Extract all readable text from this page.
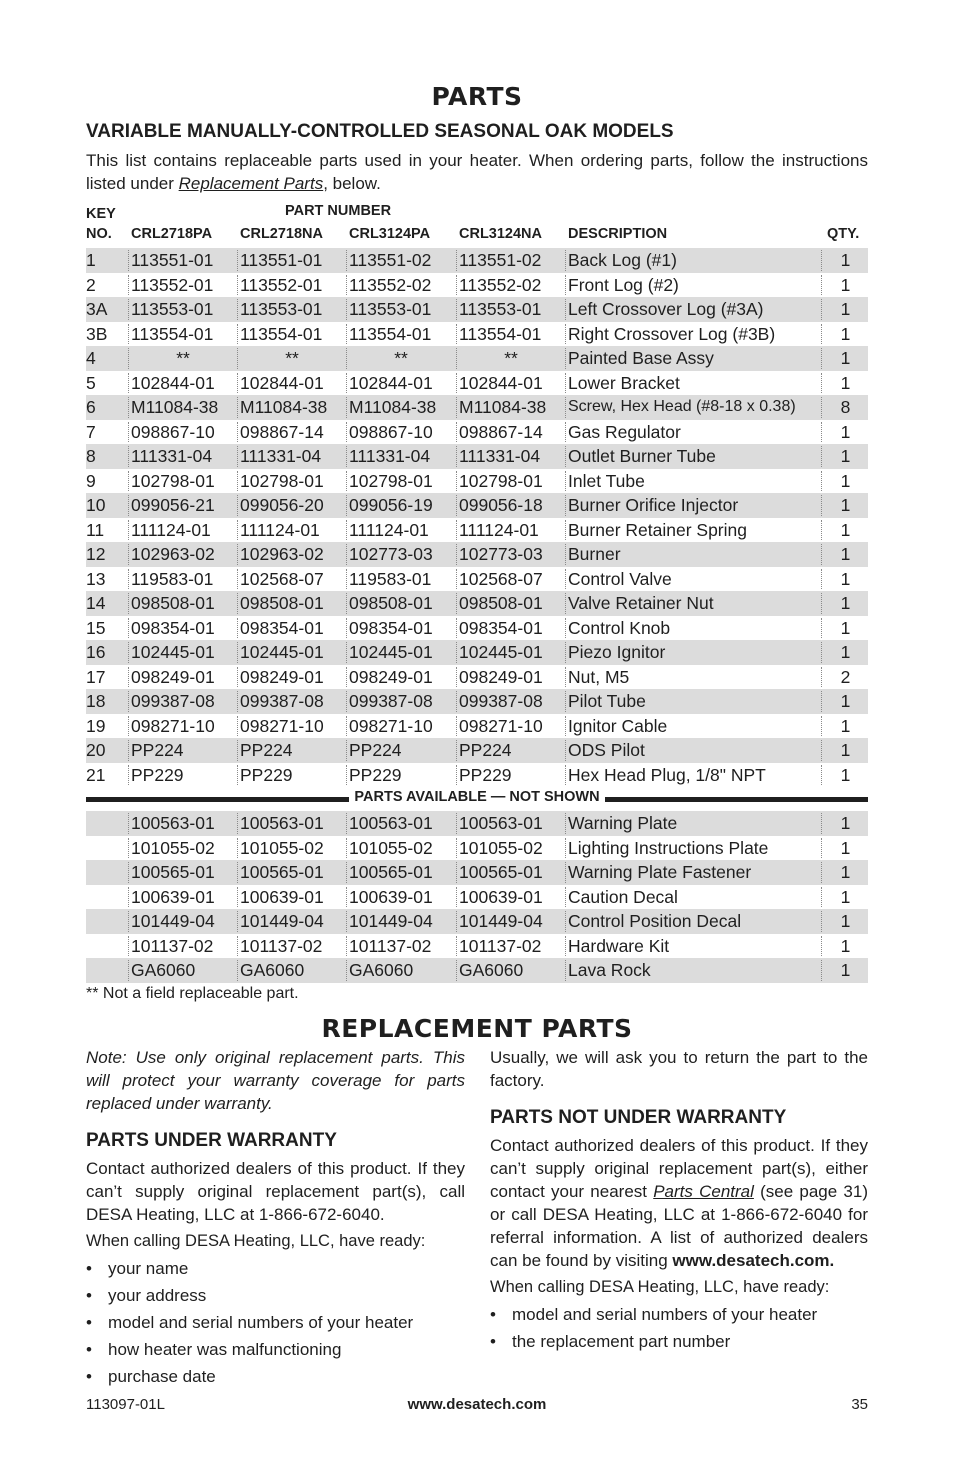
PARTS
VARIABLE MANUALLY-CONTROLLED SEASONAL OAK MODELS

This list contains replaceable parts used in your heater. When ordering parts, follow the instructions listed under Replacement Parts, below.

KEY
NO.
PART NUMBER
CRL2718PA CRL2718NA CRL3124PA CRL3124NA DESCRIPTION	QTY.
1 113551-01 113551-01 113551-02 113551-02 Back Log (#1)	1
2 113552-01 113552-01 113552-02 113552-02 Front Log (#2)	1
3A 113553-01 113553-01 113553-01 113553-01 Left Crossover Log (#3A)	1
3B 113554-01 113554-01 113554-01 113554-01 Right Crossover Log (#3B)	1
4	**	**	**	**	Painted Base Assy	1
5 102844-01 102844-01 102844-01 102844-01 Lower Bracket	1
6 M11084-38 M11084-38 M11084-38 M11084-38 Screw, Hex Head (#8-18 x 0.38)	8
7 098867-10 098867-14 098867-10 098867-14 Gas Regulator	1
8 111331-04 111331-04 111331-04 111331-04 Outlet Burner Tube	1
9 102798-01 102798-01 102798-01 102798-01 Inlet Tube	1
10 099056-21 099056-20 099056-19 099056-18 Burner Orifice Injector	1
11 111124-01 111124-01 111124-01 111124-01 Burner Retainer Spring	1
12 102963-02 102963-02 102773-03 102773-03 Burner	1
13 119583-01 102568-07 119583-01 102568-07 Control Valve	1
14 098508-01 098508-01 098508-01 098508-01 Valve Retainer Nut	1
15 098354-01 098354-01 098354-01 098354-01 Control Knob	1
16 102445-01 102445-01 102445-01 102445-01 Piezo Ignitor	1
17 098249-01 098249-01 098249-01 098249-01 Nut, M5	2
18 099387-08 099387-08 099387-08 099387-08 Pilot Tube	1
19 098271-10 098271-10 098271-10 098271-10 Ignitor Cable	1
20 PP224	PP224	PP224	PP224	ODS Pilot	1
21 PP229	PP229	PP229	PP229	Hex Head Plug, 1/8" NPT	1
PARTS AVAILABLE — NOT SHOWN
100563-01 100563-01 100563-01 100563-01 Warning Plate	1
101055-02 101055-02 101055-02 101055-02 Lighting Instructions Plate	1
100565-01 100565-01 100565-01 100565-01 Warning Plate Fastener	1
100639-01 100639-01 100639-01 100639-01 Caution Decal	1
101449-04 101449-04 101449-04 101449-04 Control Position Decal	1
101137-02 101137-02 101137-02 101137-02 Hardware Kit	1
GA6060	GA6060	GA6060	GA6060	Lava Rock	1
** Not a field replaceable part.
REPLACEMENT PARTS

Note: Use only original replacement parts. This will protect your warranty coverage for parts replaced under warranty.

PARTS UNDER WARRANTY

Contact authorized dealers of this product. If they can’t supply original replacement part(s), call DESA Heating, LLC at 1-866-672-6040.

When calling DESA Heating, LLC, have ready:

• your name
• your address
• model and serial numbers of your heater
• how heater was malfunctioning
• purchase date

Usually, we will ask you to return the part to the factory.

PARTS NOT UNDER WARRANTY

Contact authorized dealers of this product. If they can’t supply original replacement part(s), either contact your nearest Parts Central (see page 31) or call DESA Heating, LLC at 1-866-672-6040 for referral information. A list of authorized dealers can be found by visiting www.desatech.com.

When calling DESA Heating, LLC, have ready:

• model and serial numbers of your heater
• the replacement part number
113097-01L	www.desatech.com	35
